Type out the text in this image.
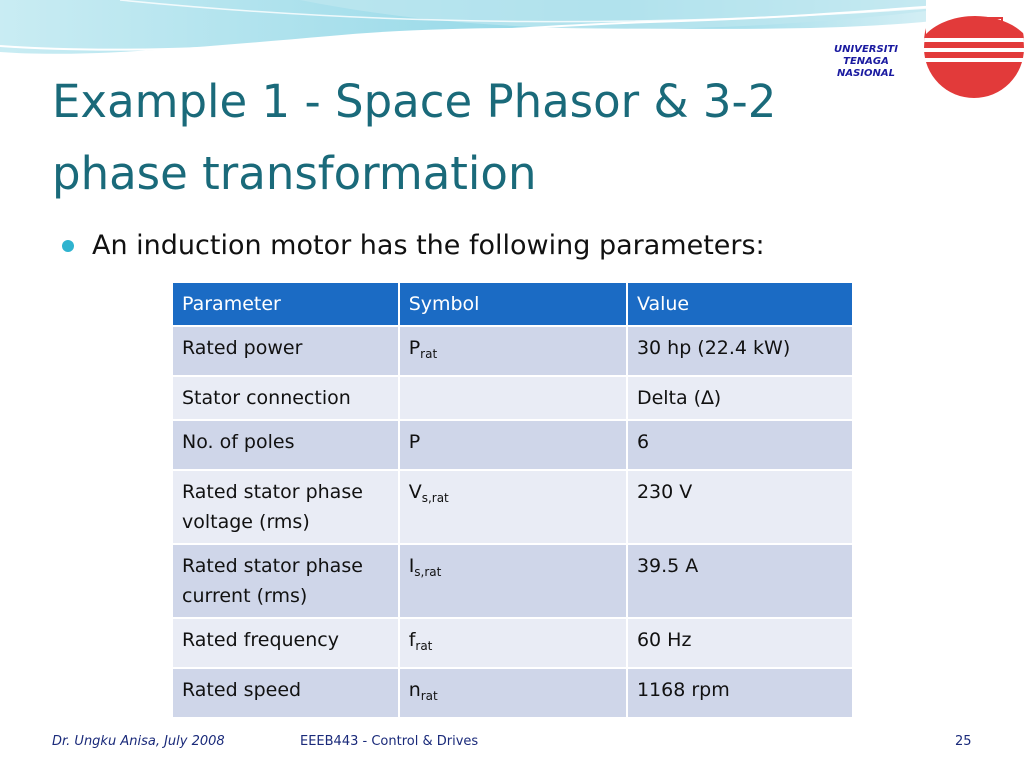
UNIVERSITI
TENAGA
NASIONAL
Example 1 - Space Phasor & 3-2
phase transformation
An induction motor has the following parameters:
Parameter	Symbol	Value
Rated power	$P_{rat}$	30 hp (22.4 kW)
Stator connection		Delta (∆)
No. of poles	P	6
Rated stator phase voltage (rms)	$V_{s,rat}$	230 V
Rated stator phase current (rms)	$I_{s,rat}$	39.5 A
Rated frequency	$f_{rat}$	60 Hz
Rated speed	$n_{rat}$	1168 rpm
Dr. Ungku Anisa, July 2008	EEEB443 - Control & Drives	25
